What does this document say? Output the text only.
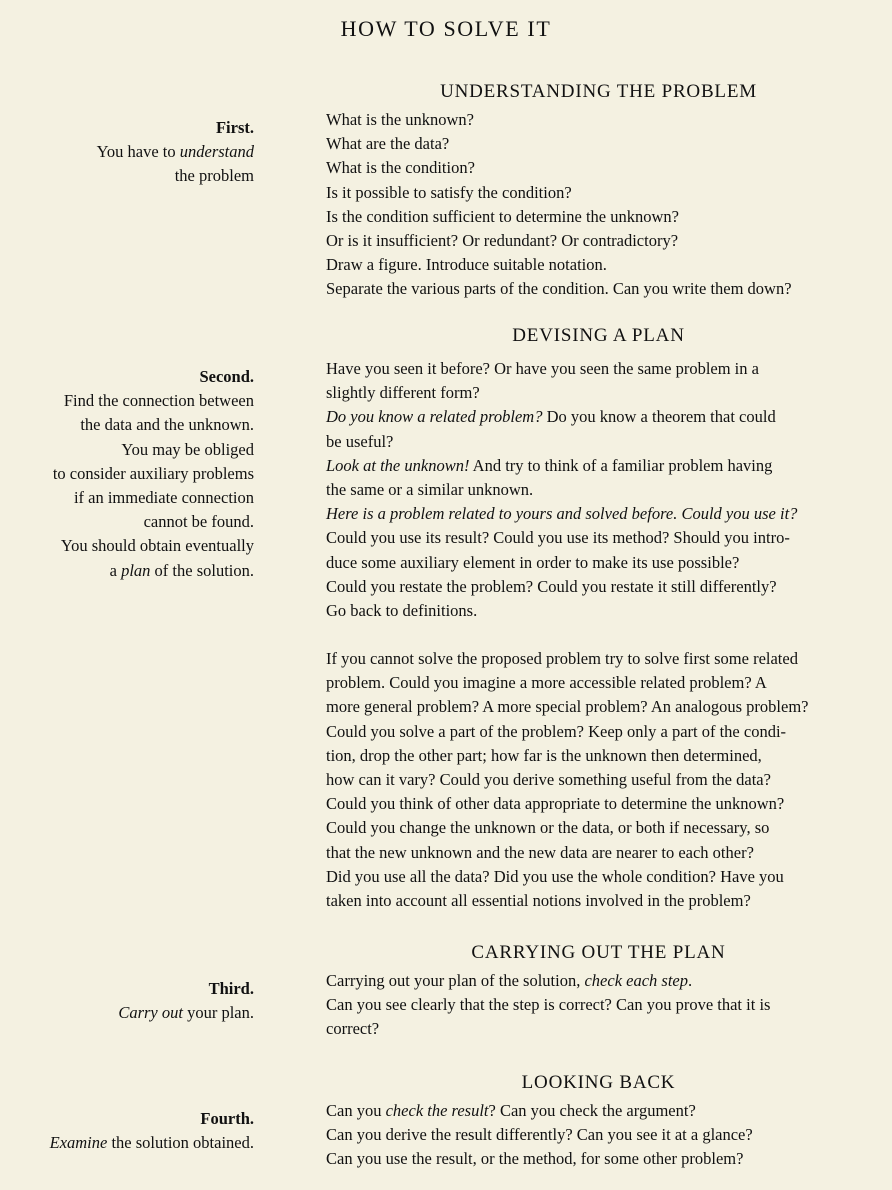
HOW TO SOLVE IT
UNDERSTANDING THE PROBLEM
First.
You have to understand
the problem
What is the unknown?
What are the data?
What is the condition?
Is it possible to satisfy the condition?
Is the condition sufficient to determine the unknown?
Or is it insufficient? Or redundant? Or contradictory?
Draw a figure. Introduce suitable notation.
Separate the various parts of the condition. Can you write them down?
DEVISING A PLAN
Second.
Find the connection between
the data and the unknown.
You may be obliged
to consider auxiliary problems
if an immediate connection
cannot be found.
You should obtain eventually
a plan of the solution.
Have you seen it before? Or have you seen the same problem in a
slightly different form?
Do you know a related problem? Do you know a theorem that could
be useful?
Look at the unknown! And try to think of a familiar problem having
the same or a similar unknown.
Here is a problem related to yours and solved before. Could you use it?
Could you use its result? Could you use its method? Should you intro-
duce some auxiliary element in order to make its use possible?
Could you restate the problem? Could you restate it still differently?
Go back to definitions.
If you cannot solve the proposed problem try to solve first some related
problem. Could you imagine a more accessible related problem? A
more general problem? A more special problem? An analogous problem?
Could you solve a part of the problem? Keep only a part of the condi-
tion, drop the other part; how far is the unknown then determined,
how can it vary? Could you derive something useful from the data?
Could you think of other data appropriate to determine the unknown?
Could you change the unknown or the data, or both if necessary, so
that the new unknown and the new data are nearer to each other?
Did you use all the data? Did you use the whole condition? Have you
taken into account all essential notions involved in the problem?
CARRYING OUT THE PLAN
Third.
Carry out your plan.
Carrying out your plan of the solution, check each step.
Can you see clearly that the step is correct? Can you prove that it is
correct?
LOOKING BACK
Fourth.
Examine the solution obtained.
Can you check the result? Can you check the argument?
Can you derive the result differently? Can you see it at a glance?
Can you use the result, or the method, for some other problem?
